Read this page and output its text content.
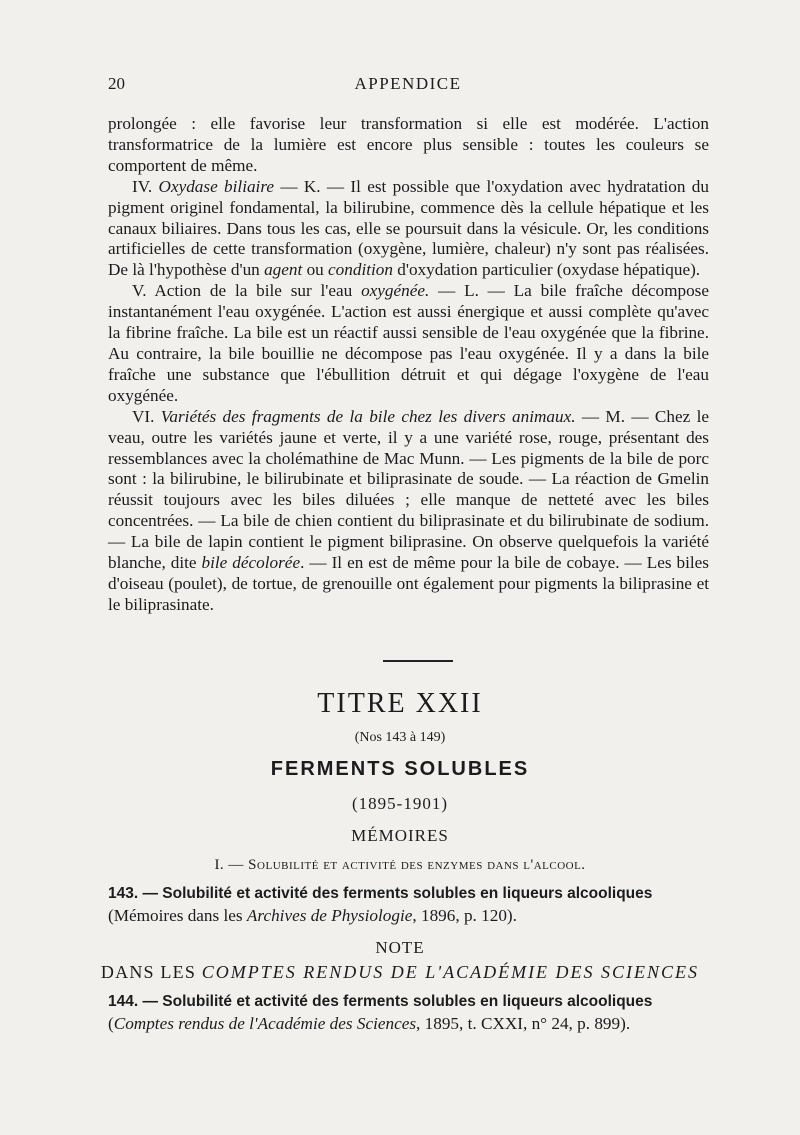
20	APPENDICE

prolongée : elle favorise leur transformation si elle est modérée. L'action transformatrice de la lumière est encore plus sensible : toutes les couleurs se comportent de même.

IV. Oxydase biliaire — K. — Il est possible que l'oxydation avec hydratation du pigment originel fondamental, la bilirubine, commence dès la cellule hépatique et les canaux biliaires. Dans tous les cas, elle se poursuit dans la vésicule. Or, les conditions artificielles de cette transformation (oxygène, lumière, chaleur) n'y sont pas réalisées. De là l'hypothèse d'un agent ou condition d'oxydation particulier (oxydase hépatique).

V. Action de la bile sur l'eau oxygénée. — L. — La bile fraîche décompose instantanément l'eau oxygénée. L'action est aussi énergique et aussi complète qu'avec la fibrine fraîche. La bile est un réactif aussi sensible de l'eau oxygénée que la fibrine. Au contraire, la bile bouillie ne décompose pas l'eau oxygénée. Il y a dans la bile fraîche une substance que l'ébullition détruit et qui dégage l'oxygène de l'eau oxygénée.

VI. Variétés des fragments de la bile chez les divers animaux. — M. — Chez le veau, outre les variétés jaune et verte, il y a une variété rose, rouge, présentant des ressemblances avec la cholémathine de Mac Munn. — Les pigments de la bile de porc sont : la bilirubine, le bilirubinate et biliprasinate de soude. — La réaction de Gmelin réussit toujours avec les biles diluées ; elle manque de netteté avec les biles concentrées. — La bile de chien contient du biliprasinate et du bilirubinate de sodium. — La bile de lapin contient le pigment biliprasine. On observe quelquefois la variété blanche, dite bile décolorée. — Il en est de même pour la bile de cobaye. — Les biles d'oiseau (poulet), de tortue, de grenouille ont également pour pigments la biliprasine et le biliprasinate.

TITRE XXII
(Nos 143 à 149)
FERMENTS SOLUBLES
(1895-1901)
MÉMOIRES
I. — Solubilité et activité des enzymes dans l'alcool.
143. — Solubilité et activité des ferments solubles en liqueurs alcooliques
(Mémoires dans les Archives de Physiologie, 1896, p. 120).
NOTE
DANS LES COMPTES RENDUS DE L'ACADÉMIE DES SCIENCES
144. — Solubilité et activité des ferments solubles en liqueurs alcooliques
(Comptes rendus de l'Académie des Sciences, 1895, t. CXXI, n° 24, p. 899).
